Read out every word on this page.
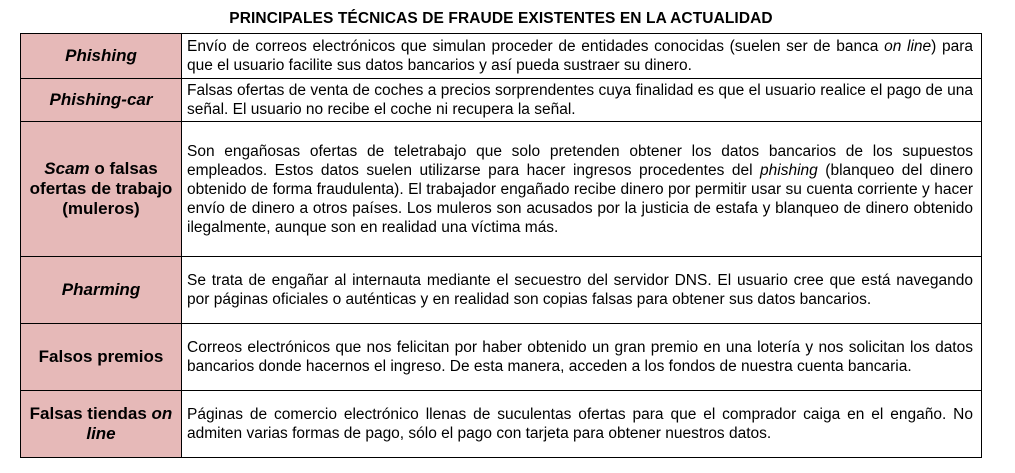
PRINCIPALES TÉCNICAS DE FRAUDE EXISTENTES EN LA ACTUALIDAD
Phishing	Envío de correos electrónicos que simulan proceder de entidades conocidas (suelen ser de banca on line) para que el usuario facilite sus datos bancarios y así pueda sustraer su dinero.
Phishing-car	Falsas ofertas de venta de coches a precios sorprendentes cuya finalidad es que el usuario realice el pago de una señal. El usuario no recibe el coche ni recupera la señal.
Scam o falsas ofertas de trabajo (muleros)	Son engañosas ofertas de teletrabajo que solo pretenden obtener los datos bancarios de los supuestos empleados. Estos datos suelen utilizarse para hacer ingresos procedentes del phishing (blanqueo del dinero obtenido de forma fraudulenta). El trabajador engañado recibe dinero por permitir usar su cuenta corriente y hacer envío de dinero a otros países. Los muleros son acusados por la justicia de estafa y blanqueo de dinero obtenido ilegalmente, aunque son en realidad una víctima más.
Pharming	Se trata de engañar al internauta mediante el secuestro del servidor DNS. El usuario cree que está navegando por páginas oficiales o auténticas y en realidad son copias falsas para obtener sus datos bancarios.
Falsos premios	Correos electrónicos que nos felicitan por haber obtenido un gran premio en una lotería y nos solicitan los datos bancarios donde hacernos el ingreso. De esta manera, acceden a los fondos de nuestra cuenta bancaria.
Falsas tiendas on line	Páginas de comercio electrónico llenas de suculentas ofertas para que el comprador caiga en el engaño. No admiten varias formas de pago, sólo el pago con tarjeta para obtener nuestros datos.
